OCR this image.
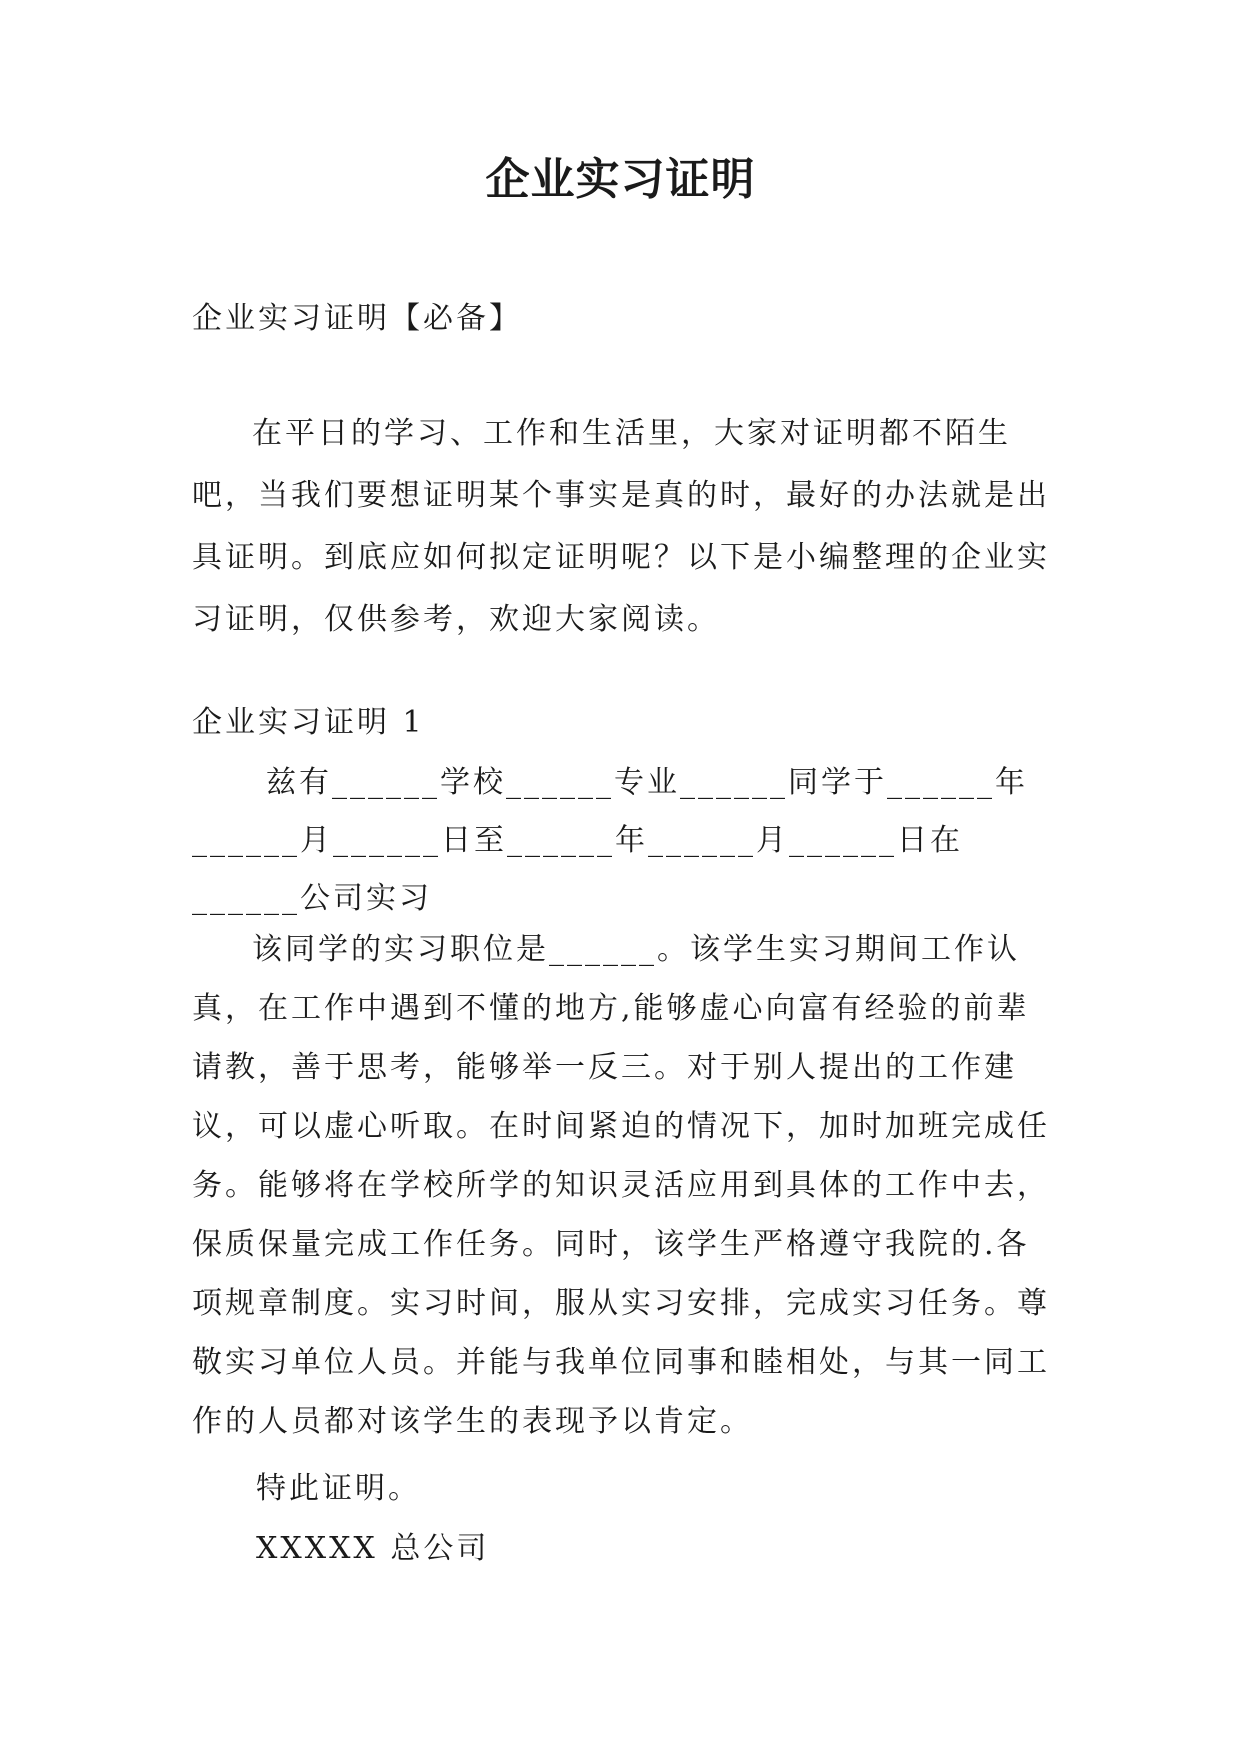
企业实习证明
企业实习证明【必备】
在平日的学习、工作和生活里，大家对证明都不陌生吧，当我们要想证明某个事实是真的时，最好的办法就是出具证明。到底应如何拟定证明呢？以下是小编整理的企业实习证明，仅供参考，欢迎大家阅读。
企业实习证明 1
兹有______学校______专业______同学于______年______月______日至______年______月______日在______公司实习
该同学的实习职位是______。该学生实习期间工作认真，在工作中遇到不懂的地方,能够虚心向富有经验的前辈请教，善于思考，能够举一反三。对于别人提出的工作建议，可以虚心听取。在时间紧迫的情况下，加时加班完成任务。能够将在学校所学的知识灵活应用到具体的工作中去，保质保量完成工作任务。同时，该学生严格遵守我院的.各项规章制度。实习时间，服从实习安排，完成实习任务。尊敬实习单位人员。并能与我单位同事和睦相处，与其一同工作的人员都对该学生的表现予以肯定。
特此证明。
XXXXX 总公司
